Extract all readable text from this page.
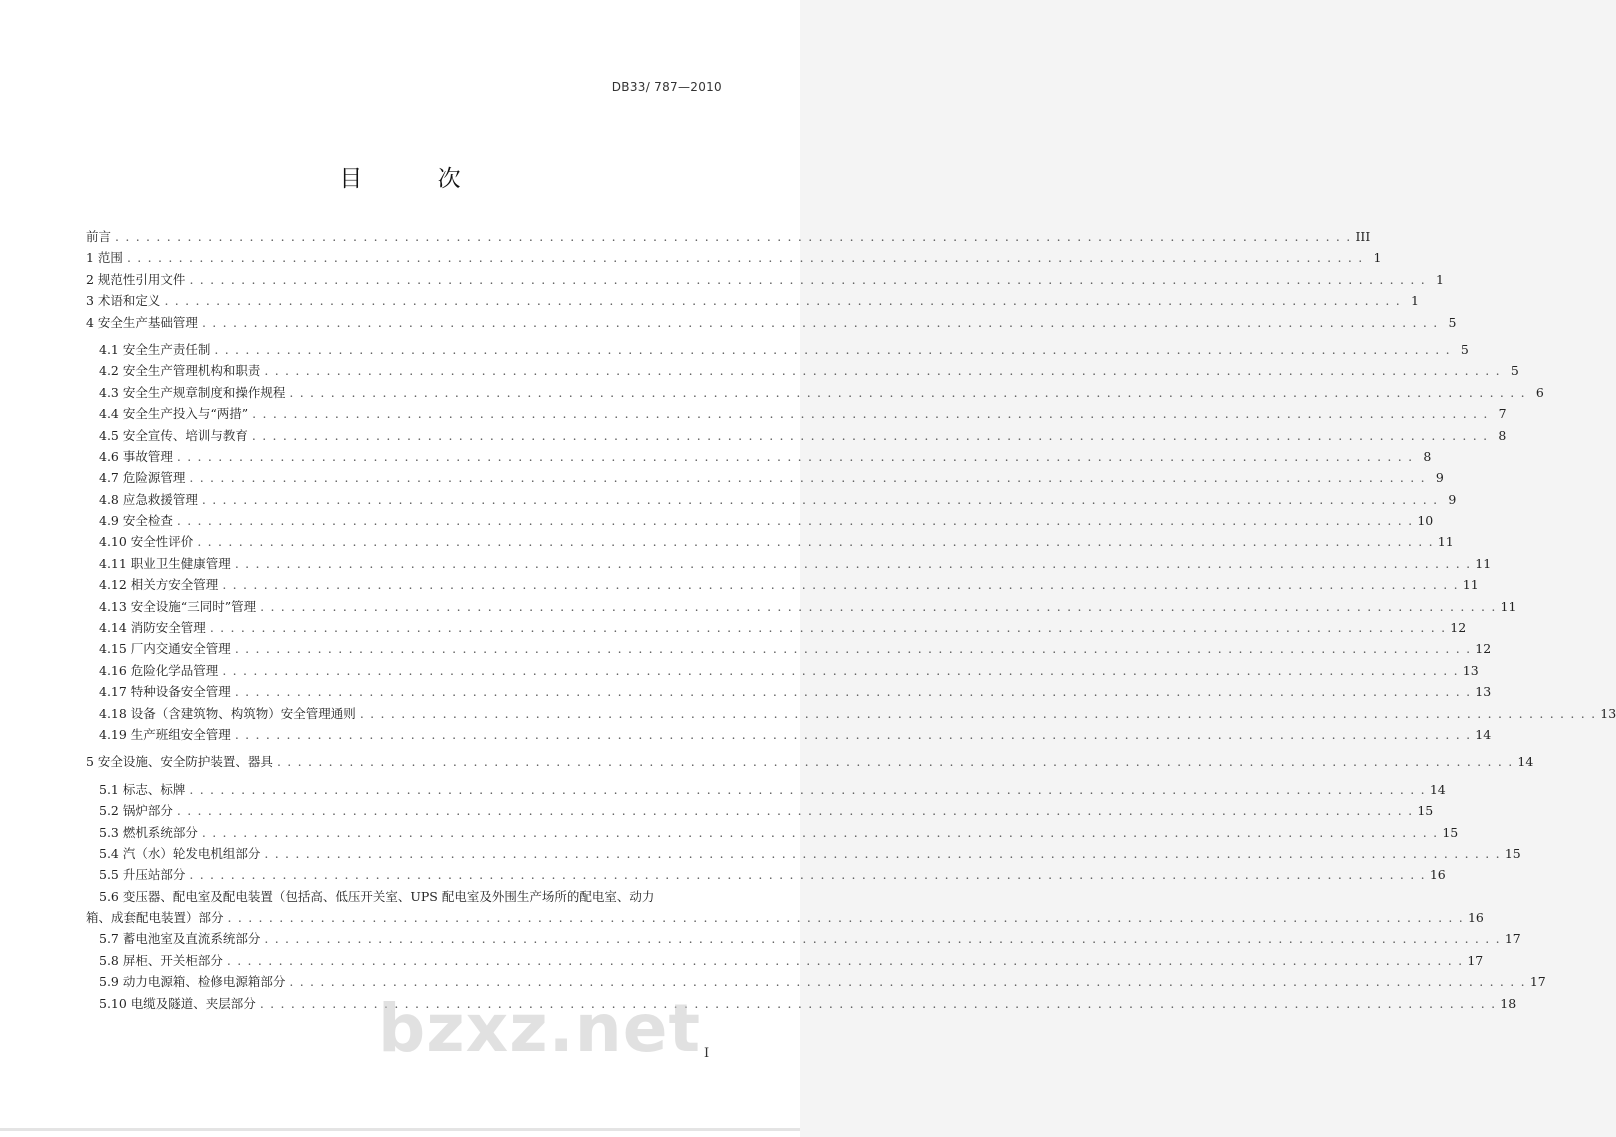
DB33/ 787—2010
目 次
前言 . . . . . . . . . . . . . . . . . . . . . . . . . . . . . . . . . . . . . . . . . . . . . . . . . . . . . . . . . . . . . . . . . . . . . . . . . . . . . . . . . . . . . . . . . . . . . . . . . . . . . . . . . . . . . . . . . . . . . . . . III
1 范围 . . . . . . . . . . . . . . . . . . . . . . . . . . . . . . . . . . . . . . . . . . . . . . . . . . . . . . . . . . . . . . . . . . . . . . . . . . . . . . . . . . . . . . . . . . . . . . . . . . . . . . . . . . . . . . . . . . . . . . . . 1
2 规范性引用文件 . . . . . . . . . . . . . . . . . . . . . . . . . . . . . . . . . . . . . . . . . . . . . . . . . . . . . . . . . . . . . . . . . . . . . . . . . . . . . . . . . . . . . . . . . . . . . . . . . . . . . . . . . . . . . . . . . . . . . . . . 1
3 术语和定义 . . . . . . . . . . . . . . . . . . . . . . . . . . . . . . . . . . . . . . . . . . . . . . . . . . . . . . . . . . . . . . . . . . . . . . . . . . . . . . . . . . . . . . . . . . . . . . . . . . . . . . . . . . . . . . . . . . . . . . . . 1
4 安全生产基础管理 . . . . . . . . . . . . . . . . . . . . . . . . . . . . . . . . . . . . . . . . . . . . . . . . . . . . . . . . . . . . . . . . . . . . . . . . . . . . . . . . . . . . . . . . . . . . . . . . . . . . . . . . . . . . . . . . . . . . . . . . 5
4.1 安全生产责任制 . . . . . . . . . . . . . . . . . . . . . . . . . . . . . . . . . . . . . . . . . . . . . . . . . . . . . . . . . . . . . . . . . . . . . . . . . . . . . . . . . . . . . . . . . . . . . . . . . . . . . . . . . . . . . . . . . . . . . . . . 5
4.2 安全生产管理机构和职责 . . . . . . . . . . . . . . . . . . . . . . . . . . . . . . . . . . . . . . . . . . . . . . . . . . . . . . . . . . . . . . . . . . . . . . . . . . . . . . . . . . . . . . . . . . . . . . . . . . . . . . . . . . . . . . . . . . . . . . . . 5
4.3 安全生产规章制度和操作规程 . . . . . . . . . . . . . . . . . . . . . . . . . . . . . . . . . . . . . . . . . . . . . . . . . . . . . . . . . . . . . . . . . . . . . . . . . . . . . . . . . . . . . . . . . . . . . . . . . . . . . . . . . . . . . . . . . . . . . . . . 6
4.4 安全生产投入与“两措” . . . . . . . . . . . . . . . . . . . . . . . . . . . . . . . . . . . . . . . . . . . . . . . . . . . . . . . . . . . . . . . . . . . . . . . . . . . . . . . . . . . . . . . . . . . . . . . . . . . . . . . . . . . . . . . . . . . . . . . . 7
4.5 安全宣传、培训与教育 . . . . . . . . . . . . . . . . . . . . . . . . . . . . . . . . . . . . . . . . . . . . . . . . . . . . . . . . . . . . . . . . . . . . . . . . . . . . . . . . . . . . . . . . . . . . . . . . . . . . . . . . . . . . . . . . . . . . . . . . 8
4.6 事故管理 . . . . . . . . . . . . . . . . . . . . . . . . . . . . . . . . . . . . . . . . . . . . . . . . . . . . . . . . . . . . . . . . . . . . . . . . . . . . . . . . . . . . . . . . . . . . . . . . . . . . . . . . . . . . . . . . . . . . . . . . 8
4.7 危险源管理 . . . . . . . . . . . . . . . . . . . . . . . . . . . . . . . . . . . . . . . . . . . . . . . . . . . . . . . . . . . . . . . . . . . . . . . . . . . . . . . . . . . . . . . . . . . . . . . . . . . . . . . . . . . . . . . . . . . . . . . . 9
4.8 应急救援管理 . . . . . . . . . . . . . . . . . . . . . . . . . . . . . . . . . . . . . . . . . . . . . . . . . . . . . . . . . . . . . . . . . . . . . . . . . . . . . . . . . . . . . . . . . . . . . . . . . . . . . . . . . . . . . . . . . . . . . . . . 9
4.9 安全检查 . . . . . . . . . . . . . . . . . . . . . . . . . . . . . . . . . . . . . . . . . . . . . . . . . . . . . . . . . . . . . . . . . . . . . . . . . . . . . . . . . . . . . . . . . . . . . . . . . . . . . . . . . . . . . . . . . . . . . . . . 10
4.10 安全性评价 . . . . . . . . . . . . . . . . . . . . . . . . . . . . . . . . . . . . . . . . . . . . . . . . . . . . . . . . . . . . . . . . . . . . . . . . . . . . . . . . . . . . . . . . . . . . . . . . . . . . . . . . . . . . . . . . . . . . . . . . 11
4.11 职业卫生健康管理 . . . . . . . . . . . . . . . . . . . . . . . . . . . . . . . . . . . . . . . . . . . . . . . . . . . . . . . . . . . . . . . . . . . . . . . . . . . . . . . . . . . . . . . . . . . . . . . . . . . . . . . . . . . . . . . . . . . . . . . . 11
4.12 相关方安全管理 . . . . . . . . . . . . . . . . . . . . . . . . . . . . . . . . . . . . . . . . . . . . . . . . . . . . . . . . . . . . . . . . . . . . . . . . . . . . . . . . . . . . . . . . . . . . . . . . . . . . . . . . . . . . . . . . . . . . . . . . 11
4.13 安全设施“三同时”管理 . . . . . . . . . . . . . . . . . . . . . . . . . . . . . . . . . . . . . . . . . . . . . . . . . . . . . . . . . . . . . . . . . . . . . . . . . . . . . . . . . . . . . . . . . . . . . . . . . . . . . . . . . . . . . . . . . . . . . . . . 11
4.14 消防安全管理 . . . . . . . . . . . . . . . . . . . . . . . . . . . . . . . . . . . . . . . . . . . . . . . . . . . . . . . . . . . . . . . . . . . . . . . . . . . . . . . . . . . . . . . . . . . . . . . . . . . . . . . . . . . . . . . . . . . . . . . . 12
4.15 厂内交通安全管理 . . . . . . . . . . . . . . . . . . . . . . . . . . . . . . . . . . . . . . . . . . . . . . . . . . . . . . . . . . . . . . . . . . . . . . . . . . . . . . . . . . . . . . . . . . . . . . . . . . . . . . . . . . . . . . . . . . . . . . . . 12
4.16 危险化学品管理 . . . . . . . . . . . . . . . . . . . . . . . . . . . . . . . . . . . . . . . . . . . . . . . . . . . . . . . . . . . . . . . . . . . . . . . . . . . . . . . . . . . . . . . . . . . . . . . . . . . . . . . . . . . . . . . . . . . . . . . . 13
4.17 特种设备安全管理 . . . . . . . . . . . . . . . . . . . . . . . . . . . . . . . . . . . . . . . . . . . . . . . . . . . . . . . . . . . . . . . . . . . . . . . . . . . . . . . . . . . . . . . . . . . . . . . . . . . . . . . . . . . . . . . . . . . . . . . . 13
4.18 设备（含建筑物、构筑物）安全管理通则 . . . . . . . . . . . . . . . . . . . . . . . . . . . . . . . . . . . . . . . . . . . . . . . . . . . . . . . . . . . . . . . . . . . . . . . . . . . . . . . . . . . . . . . . . . . . . . . . . . . . . . . . . . . . . . . . . . . . . . . . 13
4.19 生产班组安全管理 . . . . . . . . . . . . . . . . . . . . . . . . . . . . . . . . . . . . . . . . . . . . . . . . . . . . . . . . . . . . . . . . . . . . . . . . . . . . . . . . . . . . . . . . . . . . . . . . . . . . . . . . . . . . . . . . . . . . . . . . 14
5 安全设施、安全防护装置、器具 . . . . . . . . . . . . . . . . . . . . . . . . . . . . . . . . . . . . . . . . . . . . . . . . . . . . . . . . . . . . . . . . . . . . . . . . . . . . . . . . . . . . . . . . . . . . . . . . . . . . . . . . . . . . . . . . . . . . . . . . 14
5.1 标志、标牌 . . . . . . . . . . . . . . . . . . . . . . . . . . . . . . . . . . . . . . . . . . . . . . . . . . . . . . . . . . . . . . . . . . . . . . . . . . . . . . . . . . . . . . . . . . . . . . . . . . . . . . . . . . . . . . . . . . . . . . . . 14
5.2 锅炉部分 . . . . . . . . . . . . . . . . . . . . . . . . . . . . . . . . . . . . . . . . . . . . . . . . . . . . . . . . . . . . . . . . . . . . . . . . . . . . . . . . . . . . . . . . . . . . . . . . . . . . . . . . . . . . . . . . . . . . . . . . 15
5.3 燃机系统部分 . . . . . . . . . . . . . . . . . . . . . . . . . . . . . . . . . . . . . . . . . . . . . . . . . . . . . . . . . . . . . . . . . . . . . . . . . . . . . . . . . . . . . . . . . . . . . . . . . . . . . . . . . . . . . . . . . . . . . . . . 15
5.4 汽（水）轮发电机组部分 . . . . . . . . . . . . . . . . . . . . . . . . . . . . . . . . . . . . . . . . . . . . . . . . . . . . . . . . . . . . . . . . . . . . . . . . . . . . . . . . . . . . . . . . . . . . . . . . . . . . . . . . . . . . . . . . . . . . . . . . 15
5.5 升压站部分 . . . . . . . . . . . . . . . . . . . . . . . . . . . . . . . . . . . . . . . . . . . . . . . . . . . . . . . . . . . . . . . . . . . . . . . . . . . . . . . . . . . . . . . . . . . . . . . . . . . . . . . . . . . . . . . . . . . . . . . . 16
5.6 变压器、配电室及配电装置（包括高、低压开关室、UPS 配电室及外围生产场所的配电室、动力
箱、成套配电装置）部分 . . . . . . . . . . . . . . . . . . . . . . . . . . . . . . . . . . . . . . . . . . . . . . . . . . . . . . . . . . . . . . . . . . . . . . . . . . . . . . . . . . . . . . . . . . . . . . . . . . . . . . . . . . . . . . . . . . . . . . . . 16
5.7 蓄电池室及直流系统部分 . . . . . . . . . . . . . . . . . . . . . . . . . . . . . . . . . . . . . . . . . . . . . . . . . . . . . . . . . . . . . . . . . . . . . . . . . . . . . . . . . . . . . . . . . . . . . . . . . . . . . . . . . . . . . . . . . . . . . . . . 17
5.8 屏柜、开关柜部分 . . . . . . . . . . . . . . . . . . . . . . . . . . . . . . . . . . . . . . . . . . . . . . . . . . . . . . . . . . . . . . . . . . . . . . . . . . . . . . . . . . . . . . . . . . . . . . . . . . . . . . . . . . . . . . . . . . . . . . . . 17
5.9 动力电源箱、检修电源箱部分 . . . . . . . . . . . . . . . . . . . . . . . . . . . . . . . . . . . . . . . . . . . . . . . . . . . . . . . . . . . . . . . . . . . . . . . . . . . . . . . . . . . . . . . . . . . . . . . . . . . . . . . . . . . . . . . . . . . . . . . . 17
5.10 电缆及隧道、夹层部分 . . . . . . . . . . . . . . . . . . . . . . . . . . . . . . . . . . . . . . . . . . . . . . . . . . . . . . . . . . . . . . . . . . . . . . . . . . . . . . . . . . . . . . . . . . . . . . . . . . . . . . . . . . . . . . . . . . . . . . . . 18
bzxz.net I
